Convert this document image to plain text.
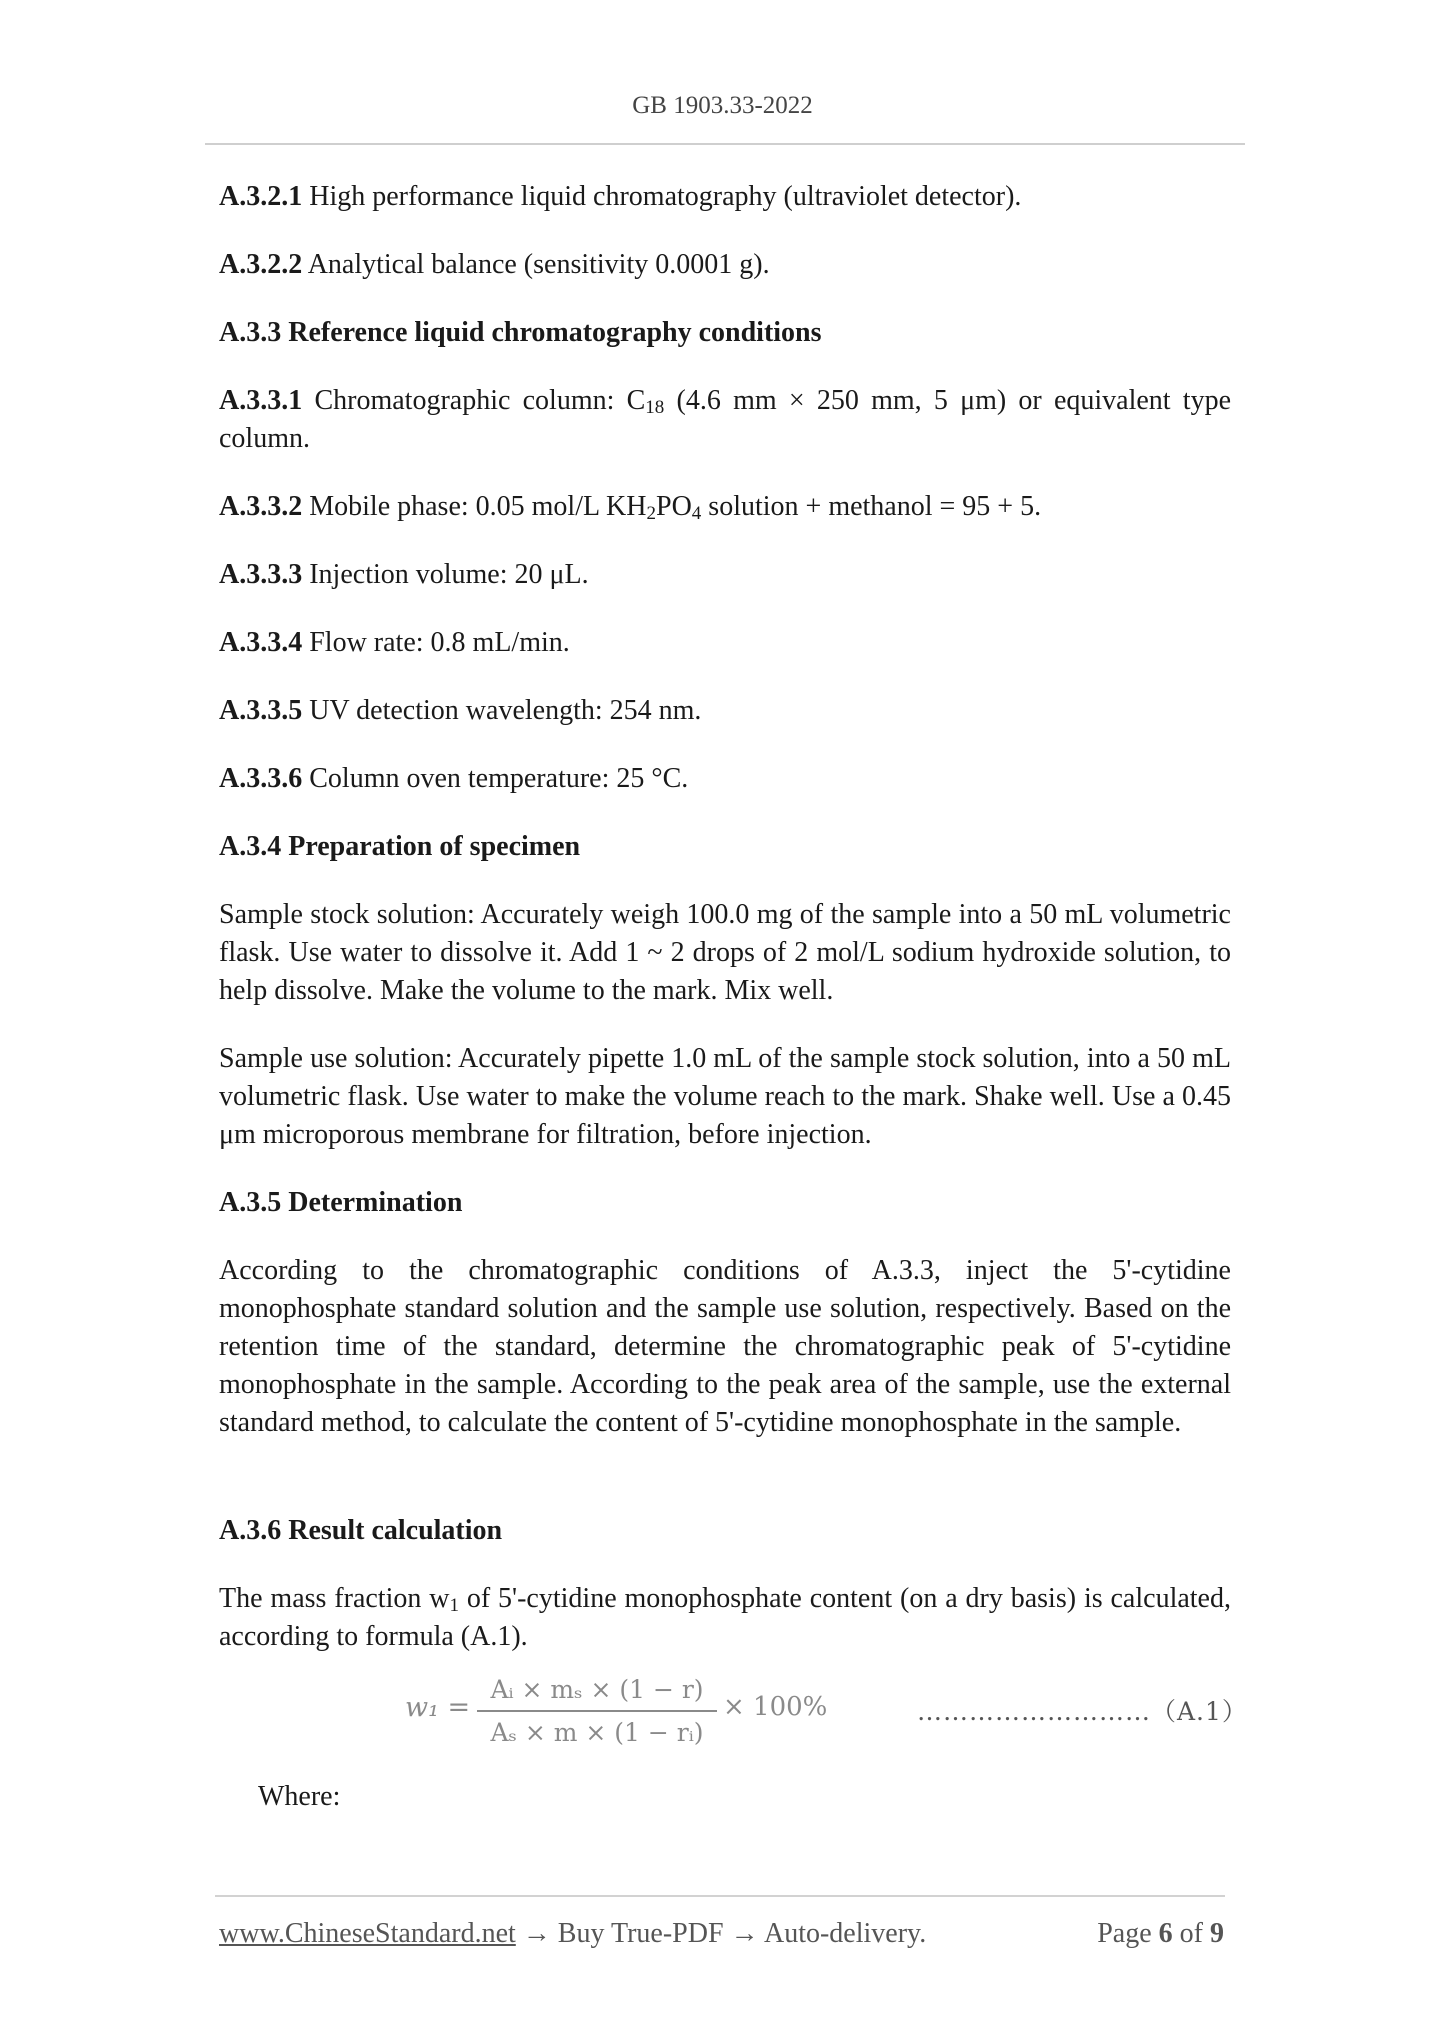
GB 1903.33-2022

A.3.2.1 High performance liquid chromatography (ultraviolet detector).

A.3.2.2 Analytical balance (sensitivity 0.0001 g).

A.3.3 Reference liquid chromatography conditions

A.3.3.1 Chromatographic column: $C_{18}$ (4.6 mm × 250 mm, 5 μm) or equivalent type column.

A.3.3.2 Mobile phase: 0.05 mol/L $KH_2PO_4$ solution + methanol = 95 + 5.

A.3.3.3 Injection volume: 20 μL.

A.3.3.4 Flow rate: 0.8 mL/min.

A.3.3.5 UV detection wavelength: 254 nm.

A.3.3.6 Column oven temperature: 25 °C.

A.3.4 Preparation of specimen

Sample stock solution: Accurately weigh 100.0 mg of the sample into a 50 mL volumetric flask. Use water to dissolve it. Add 1 ~ 2 drops of 2 mol/L sodium hydroxide solution, to help dissolve. Make the volume to the mark. Mix well.

Sample use solution: Accurately pipette 1.0 mL of the sample stock solution, into a 50 mL volumetric flask. Use water to make the volume reach to the mark. Shake well. Use a 0.45 μm microporous membrane for filtration, before injection.

A.3.5 Determination

According to the chromatographic conditions of A.3.3, inject the 5'-cytidine monophosphate standard solution and the sample use solution, respectively. Based on the retention time of the standard, determine the chromatographic peak of 5'-cytidine monophosphate in the sample. According to the peak area of the sample, use the external standard method, to calculate the content of 5'-cytidine monophosphate in the sample.

A.3.6 Result calculation

The mass fraction $w_1$ of 5'-cytidine monophosphate content (on a dry basis) is calculated, according to formula (A.1).

$w_1 = \frac{\text{Aᵢ × mₛ × (1 − r)}}{\text{Aₛ × m × (1 − rᵢ)}} \times 100\%$	………………………（A.1）

Where:

www.ChineseStandard.net → Buy True-PDF → Auto-delivery.	Page 6 of 9
